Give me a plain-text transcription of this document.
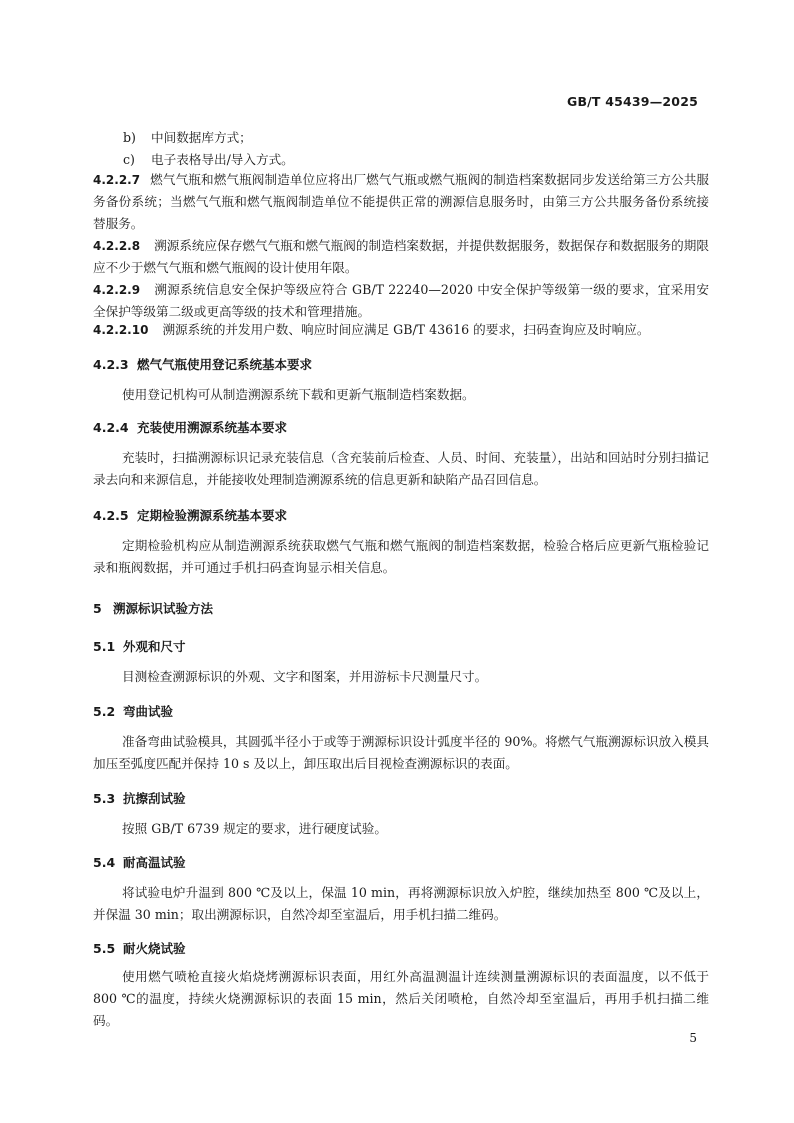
GB/T 45439—2025
b) 中间数据库方式；
c) 电子表格导出/导入方式。
4.2.2.7 燃气气瓶和燃气瓶阀制造单位应将出厂燃气气瓶或燃气瓶阀的制造档案数据同步发送给第三方公共服务备份系统；当燃气气瓶和燃气瓶阀制造单位不能提供正常的溯源信息服务时，由第三方公共服务备份系统接替服务。
4.2.2.8 溯源系统应保存燃气气瓶和燃气瓶阀的制造档案数据，并提供数据服务，数据保存和数据服务的期限应不少于燃气气瓶和燃气瓶阀的设计使用年限。
4.2.2.9 溯源系统信息安全保护等级应符合 GB/T 22240—2020 中安全保护等级第一级的要求，宜采用安全保护等级第二级或更高等级的技术和管理措施。
4.2.2.10 溯源系统的并发用户数、响应时间应满足 GB/T 43616 的要求，扫码查询应及时响应。
4.2.3 燃气气瓶使用登记系统基本要求
使用登记机构可从制造溯源系统下载和更新气瓶制造档案数据。
4.2.4 充装使用溯源系统基本要求
充装时，扫描溯源标识记录充装信息（含充装前后检查、人员、时间、充装量），出站和回站时分别扫描记录去向和来源信息，并能接收处理制造溯源系统的信息更新和缺陷产品召回信息。
4.2.5 定期检验溯源系统基本要求
定期检验机构应从制造溯源系统获取燃气气瓶和燃气瓶阀的制造档案数据，检验合格后应更新气瓶检验记录和瓶阀数据，并可通过手机扫码查询显示相关信息。
5 溯源标识试验方法
5.1 外观和尺寸
目测检查溯源标识的外观、文字和图案，并用游标卡尺测量尺寸。
5.2 弯曲试验
准备弯曲试验模具，其圆弧半径小于或等于溯源标识设计弧度半径的 90%。将燃气气瓶溯源标识放入模具加压至弧度匹配并保持 10 s 及以上，卸压取出后目视检查溯源标识的表面。
5.3 抗擦刮试验
按照 GB/T 6739 规定的要求，进行硬度试验。
5.4 耐高温试验
将试验电炉升温到 800 ℃及以上，保温 10 min，再将溯源标识放入炉腔，继续加热至 800 ℃及以上，并保温 30 min；取出溯源标识，自然冷却至室温后，用手机扫描二维码。
5.5 耐火烧试验
使用燃气喷枪直接火焰烧烤溯源标识表面，用红外高温测温计连续测量溯源标识的表面温度，以不低于 800 ℃的温度，持续火烧溯源标识的表面 15 min，然后关闭喷枪，自然冷却至室温后，再用手机扫描二维码。
5
